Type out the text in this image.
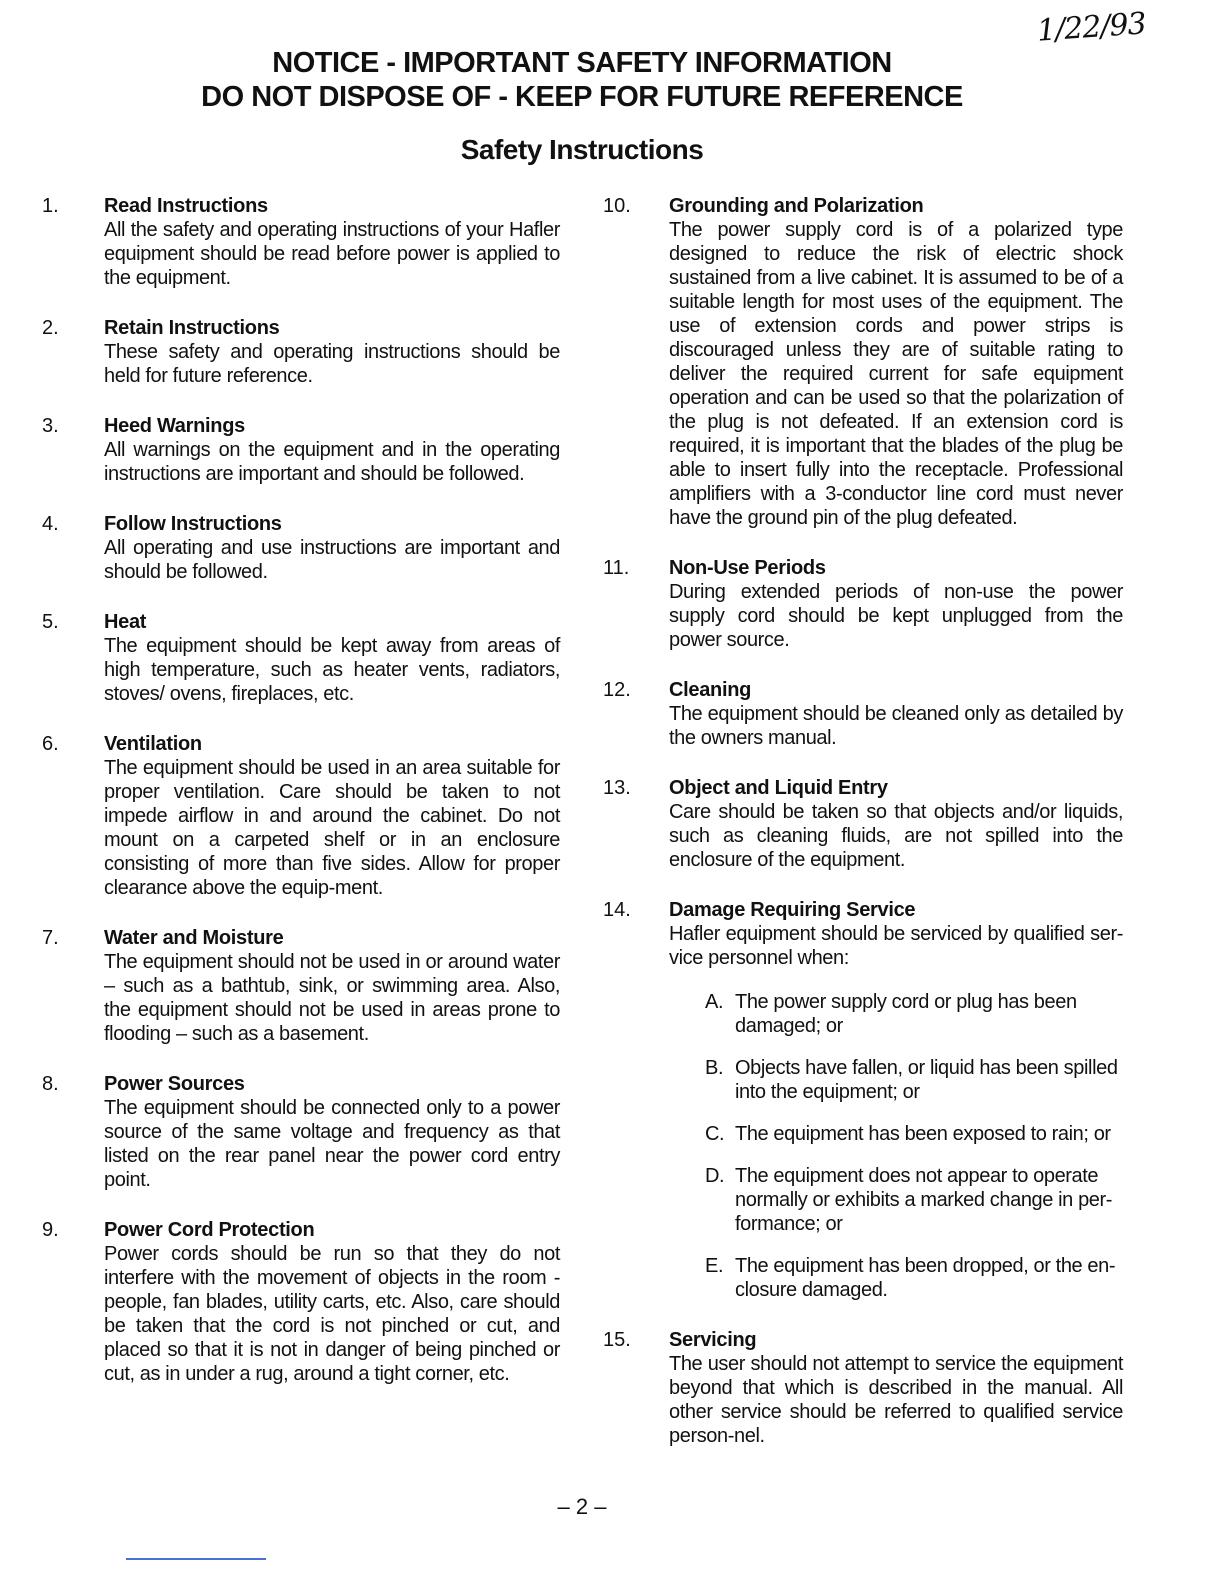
1/22/93
NOTICE - IMPORTANT SAFETY INFORMATION
DO NOT DISPOSE OF - KEEP FOR FUTURE REFERENCE
Safety Instructions
1. Read Instructions
All the safety and operating instructions of your Hafler equipment should be read before power is applied to the equipment.
2. Retain Instructions
These safety and operating instructions should be held for future reference.
3. Heed Warnings
All warnings on the equipment and in the operating instructions are important and should be followed.
4. Follow Instructions
All operating and use instructions are important and should be followed.
5. Heat
The equipment should be kept away from areas of high temperature, such as heater vents, radiators, stoves/ ovens, fireplaces, etc.
6. Ventilation
The equipment should be used in an area suitable for proper ventilation. Care should be taken to not impede airflow in and around the cabinet. Do not mount on a carpeted shelf or in an enclosure consisting of more than five sides. Allow for proper clearance above the equip-ment.
7. Water and Moisture
The equipment should not be used in or around water – such as a bathtub, sink, or swimming area. Also, the equipment should not be used in areas prone to flooding – such as a basement.
8. Power Sources
The equipment should be connected only to a power source of the same voltage and frequency as that listed on the rear panel near the power cord entry point.
9. Power Cord Protection
Power cords should be run so that they do not interfere with the movement of objects in the room - people, fan blades, utility carts, etc. Also, care should be taken that the cord is not pinched or cut, and placed so that it is not in danger of being pinched or cut, as in under a rug, around a tight corner, etc.
10. Grounding and Polarization
The power supply cord is of a polarized type designed to reduce the risk of electric shock sustained from a live cabinet. It is assumed to be of a suitable length for most uses of the equipment. The use of extension cords and power strips is discouraged unless they are of suitable rating to deliver the required current for safe equipment operation and can be used so that the polarization of the plug is not defeated. If an extension cord is required, it is important that the blades of the plug be able to insert fully into the receptacle. Professional amplifiers with a 3-conductor line cord must never have the ground pin of the plug defeated.
11. Non-Use Periods
During extended periods of non-use the power supply cord should be kept unplugged from the power source.
12. Cleaning
The equipment should be cleaned only as detailed by the owners manual.
13. Object and Liquid Entry
Care should be taken so that objects and/or liquids, such as cleaning fluids, are not spilled into the enclosure of the equipment.
14. Damage Requiring Service
Hafler equipment should be serviced by qualified ser-vice personnel when:
A. The power supply cord or plug has been damaged; or
B. Objects have fallen, or liquid has been spilled into the equipment; or
C. The equipment has been exposed to rain; or
D. The equipment does not appear to operate normally or exhibits a marked change in per-formance; or
E. The equipment has been dropped, or the en-closure damaged.
15. Servicing
The user should not attempt to service the equipment beyond that which is described in the manual. All other service should be referred to qualified service person-nel.
– 2 –
